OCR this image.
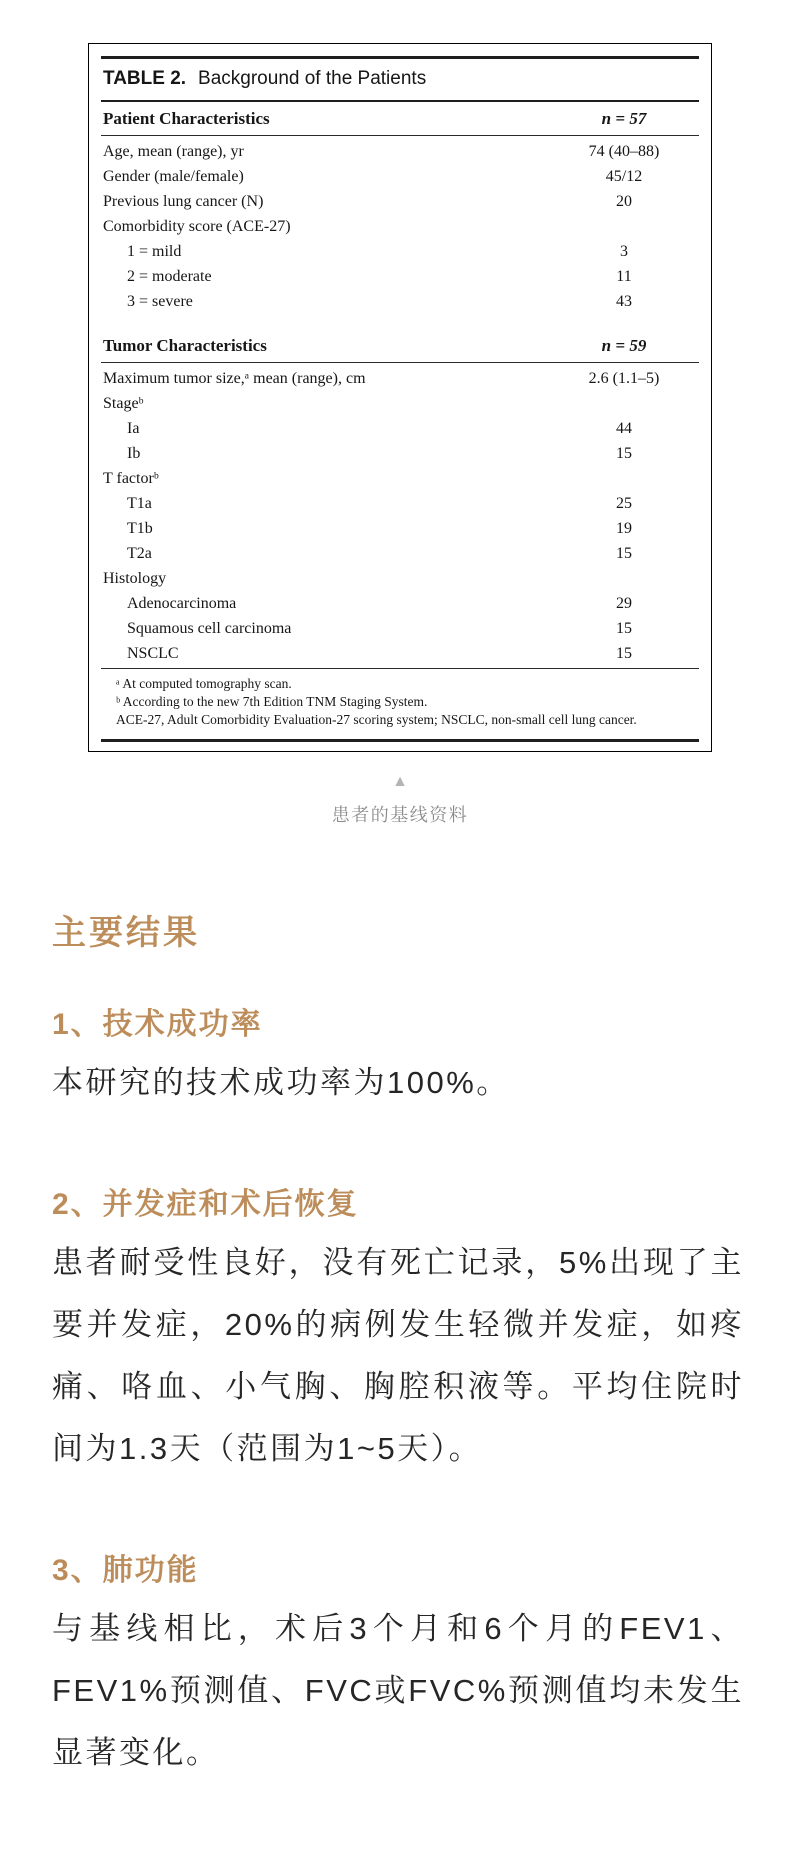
TABLE 2. Background of the Patients
Patient Characteristics	n = 57
Age, mean (range), yr	74 (40–88)
Gender (male/female)	45/12
Previous lung cancer (N)	20
Comorbidity score (ACE-27)
1 = mild	3
2 = moderate	11
3 = severe	43
Tumor Characteristics	n = 59
Maximum tumor size,ᵃ mean (range), cm	2.6 (1.1–5)
Stageᵇ
Ia	44
Ib	15
T factorᵇ
T1a	25
T1b	19
T2a	15
Histology
Adenocarcinoma	29
Squamous cell carcinoma	15
NSCLC	15
ᵃ At computed tomography scan.
ᵇ According to the new 7th Edition TNM Staging System.
ACE-27, Adult Comorbidity Evaluation-27 scoring system; NSCLC, non-small cell lung cancer.
▲
患者的基线资料
主要结果
1、技术成功率

本研究的技术成功率为100%。

2、并发症和术后恢复

患者耐受性良好，没有死亡记录，5%出现了主要并发症，20%的病例发生轻微并发症，如疼痛、咯血、小气胸、胸腔积液等。平均住院时间为1.3天（范围为1~5天）。

3、肺功能

与基线相比，术后3个月和6个月的FEV1、FEV1%预测值、FVC或FVC%预测值均未发生显著变化。
